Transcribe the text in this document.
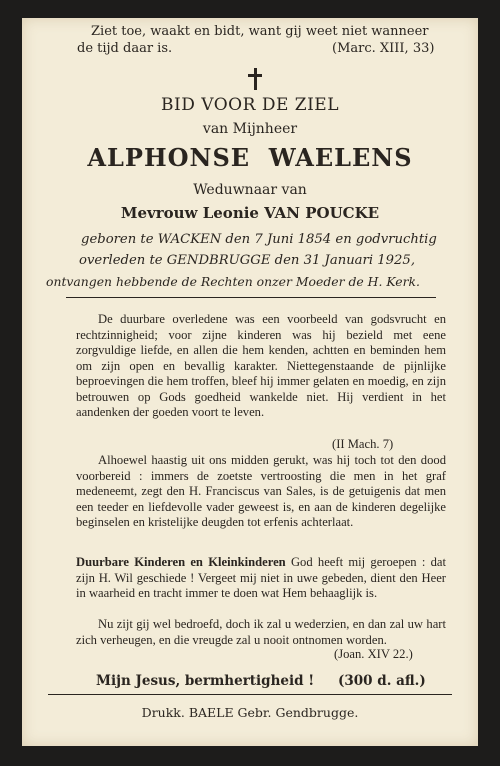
Ziet toe, waakt en bidt, want gij weet niet wanneer
de tijd daar is.	(Marc. XIII, 33)
BID VOOR DE ZIEL
van Mijnheer
ALPHONSE  WAELENS
Weduwnaar van
Mevrouw Leonie VAN POUCKE
geboren te WACKEN den 7 Juni 1854 en godvruchtig
overleden te GENDBRUGGE den 31 Januari 1925,
ontvangen hebbende de Rechten onzer Moeder de H. Kerk.
De duurbare overledene was een voorbeeld van godsvrucht en rechtzinnigheid; voor zijne kinderen was hij bezield met eene zorgvuldige liefde, en allen die hem kenden, achtten en beminden hem om zijn open en bevallig karakter. Niettegenstaande de pijnlijke beproevingen die hem troffen, bleef hij immer gelaten en moedig, en zijn betrouwen op Gods goedheid wankelde niet. Hij verdient in het aandenken der goeden voort te leven.
(II Mach. 7)
Alhoewel haastig uit ons midden gerukt, was hij toch tot den dood voorbereid : immers de zoetste vertroosting die men in het graf medeneemt, zegt den H. Franciscus van Sales, is de getuigenis dat men een teeder en liefdevolle vader geweest is, en aan de kinderen degelijke beginselen en kristelijke deugden tot erfenis achterlaat.
Duurbare Kinderen en Kleinkinderen God heeft mij geroepen : dat zijn H. Wil geschiede ! Vergeet mij niet in uwe gebeden, dient den Heer in waarheid en tracht immer te doen wat Hem behaaglijk is.
Nu zijt gij wel bedroefd, doch ik zal u wederzien, en dan zal uw hart zich verheugen, en die vreugde zal u nooit ontnomen worden.
(Joan. XIV 22.)
Mijn Jesus, bermhertigheid ! (300 d. afl.)
Drukk. BAELE Gebr. Gendbrugge.
